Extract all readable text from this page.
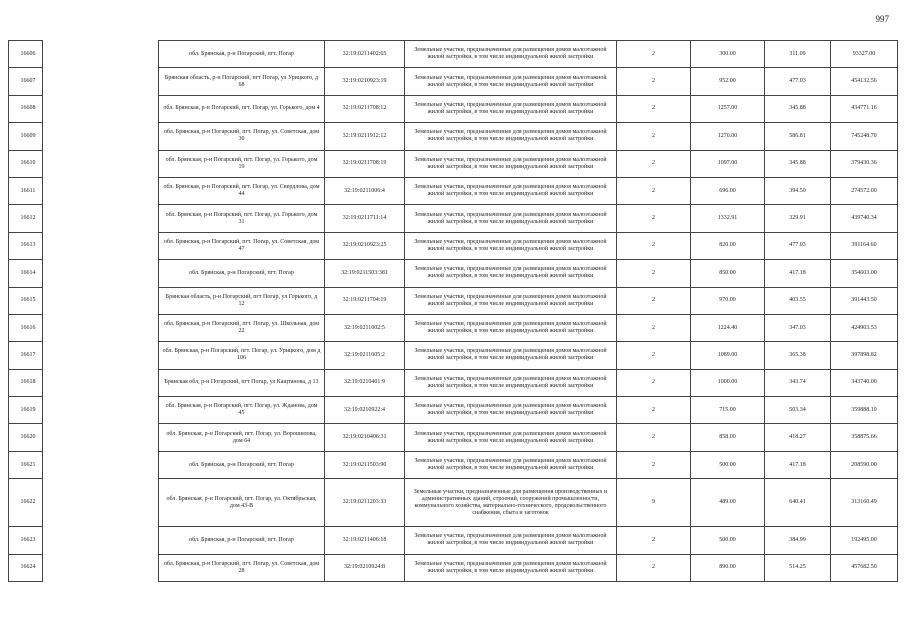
997
16606		обл. Брянская, р-н Погарский, пгт. Погар	32:19:0211402:65	Земельные участки, предназначенные для размещения домов малоэтажной жилой застройки, в том числе индивидуальной жилой застройки	2	300.00	311.09	93327.00
16607		Брянская область, р-н Погарский, пгт Погар, ул Урицкого, д 68	32:19:0210923:19	Земельные участки, предназначенные для размещения домов малоэтажной жилой застройки, в том числе индивидуальной жилой застройки	2	952.00	477.03	454132.56
16608		обл. Брянская, р-н Погарский, пгт. Погар, ул. Горького, дом 4	32:19:0211708:12	Земельные участки, предназначенные для размещения домов малоэтажной жилой застройки, в том числе индивидуальной жилой застройки	2	1257.00	345.88	434771.16
16609		обл. Брянская, р-н Погарский, пгт. Погар, ул. Советская, дом 30	32:19:0211912:12	Земельные участки, предназначенные для размещения домов малоэтажной жилой застройки, в том числе индивидуальной жилой застройки	2	1270.00	586.81	745248.70
16610		обл. Брянская, р-н Погарский, пгт. Погар, ул. Горького, дом 19	32:19:0211708:19	Земельные участки, предназначенные для размещения домов малоэтажной жилой застройки, в том числе индивидуальной жилой застройки	2	1097.00	345.88	379430.36
16611		обл. Брянская, р-н Погарский, пгт. Погар, ул. Свердлова, дом 44	32:19:0211006:4	Земельные участки, предназначенные для размещения домов малоэтажной жилой застройки, в том числе индивидуальной жилой застройки	2	696.00	394.50	274572.00
16612		обл. Брянская, р-н Погарский, пгт. Погар, ул. Горького, дом 31	32:19:0211711:14	Земельные участки, предназначенные для размещения домов малоэтажной жилой застройки, в том числе индивидуальной жилой застройки	2	1332.91	329.91	439740.34
16613		обл. Брянская, р-н Погарский, пгт. Погар, ул. Советская, дом 47	32:19:0210923:25	Земельные участки, предназначенные для размещения домов малоэтажной жилой застройки, в том числе индивидуальной жилой застройки	2	820.00	477.03	391164.60
16614		обл. Брянская, р-н Погарский, пгт. Погар	32:19:0211503:381	Земельные участки, предназначенные для размещения домов малоэтажной жилой застройки, в том числе индивидуальной жилой застройки	2	850.00	417.18	354603.00
16615		Брянская область, р-н Погарский, пгт Погар, ул Горького, д 12	32:19:0211704:19	Земельные участки, предназначенные для размещения домов малоэтажной жилой застройки, в том числе индивидуальной жилой застройки	2	970.00	403.55	391443.50
16616		обл. Брянская, р-н Погарский, пгт. Погар, ул. Школьная, дом 22	32:19:0211002:5	Земельные участки, предназначенные для размещения домов малоэтажной жилой застройки, в том числе индивидуальной жилой застройки	2	1224.40	347.03	424903.53
16617		обл. Брянская, р-н Погарский, пгт. Погар, ул. Урицкого, дом д 106	32:19:0211605:2	Земельные участки, предназначенные для размещения домов малоэтажной жилой застройки, в том числе индивидуальной жилой застройки	2	1089.00	365.38	397898.82
16618		Брянская обл, р-н Погарский, пгт Погар, ул Кащтанова, д 13	32:19:0210401:9	Земельные участки, предназначенные для размещения домов малоэтажной жилой застройки, в том числе индивидуальной жилой застройки	2	1000.00	343.74	343740.00
16619		обл. Брянская, р-н Погарский, пгт. Погар, ул. Жданова, дом 45	32:19:0210922:4	Земельные участки, предназначенные для размещения домов малоэтажной жилой застройки, в том числе индивидуальной жилой застройки	2	715.00	503.34	359888.10
16620		обл. Брянская, р-н Погарский, пгт. Погар, ул. Ворошилова, дом 64	32:19:0210406:31	Земельные участки, предназначенные для размещения домов малоэтажной жилой застройки, в том числе индивидуальной жилой застройки	2	858.00	418.27	358875.66
16621		обл. Брянская, р-н Погарский, пгт. Погар	32:19:0211503:90	Земельные участки, предназначенные для размещения домов малоэтажной жилой застройки, в том числе индивидуальной жилой застройки	2	500.00	417.18	208590.00
16622		обл. Брянская, р-н Погарский, пгт. Погар, ул. Октябрьская, дом 43-В	32:19:0211203:33	Земельные участки, предназначенные для размещения производственных и административных зданий, строений, сооружений промышленности, коммунального хозяйства, материально-технического, продовольственного снабжения, сбыта и заготовок	9	489.00	640.41	313160.49
16623		обл. Брянская, р-н Погарский, пгт. Погар	32:19:0211406:18	Земельные участки, предназначенные для размещения домов малоэтажной жилой застройки, в том числе индивидуальной жилой застройки	2	500.00	384.99	192495.00
16624		обл. Брянская, р-н Погарский, пгт. Погар, ул. Советская, дом 28	32:19:0210924:8	Земельные участки, предназначенные для размещения домов малоэтажной жилой застройки, в том числе индивидуальной жилой застройки	2	890.00	514.25	457682.50
